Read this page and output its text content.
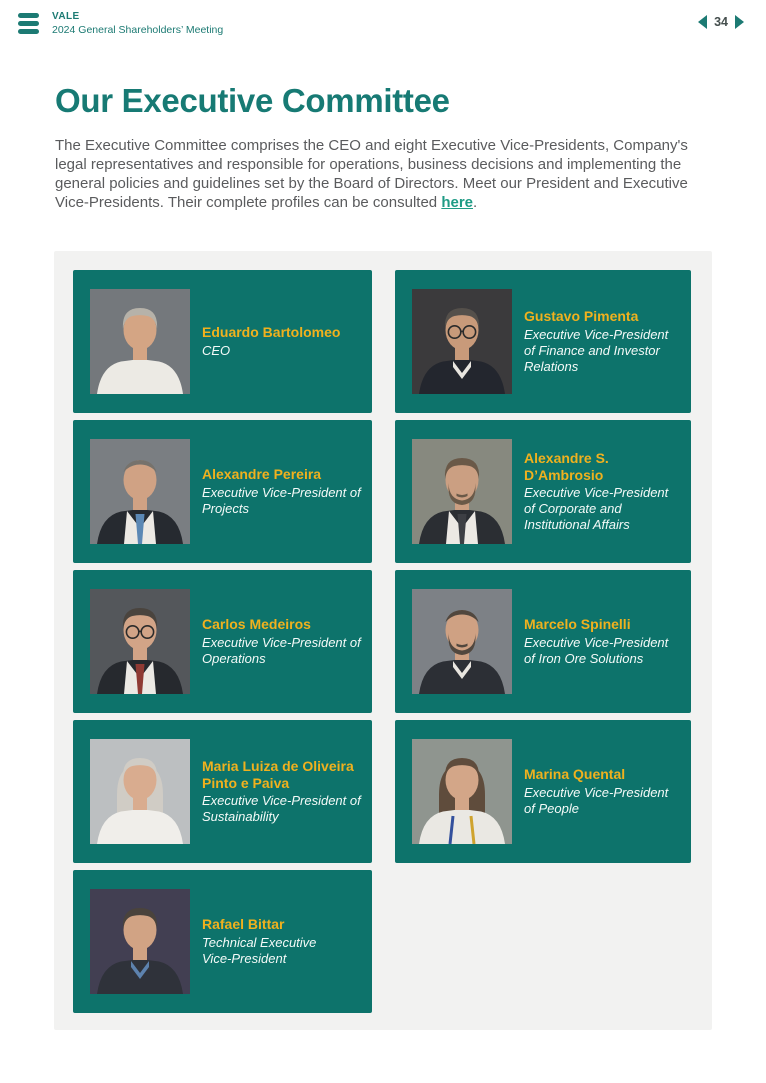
VALE
2024 General Shareholders’ Meeting
34
Our Executive Committee

The Executive Committee comprises the CEO and eight Executive Vice-Presidents, Company's legal representatives and responsible for operations, business decisions and implementing the general policies and guidelines set by the Board of Directors. Meet our President and Executive Vice-Presidents. Their complete profiles can be consulted here.

Eduardo Bartolomeo
CEO
Gustavo Pimenta
Executive Vice‑President of Finance and Investor Relations
Alexandre Pereira
Executive Vice‑President of Projects
Alexandre S. D’Ambrosio
Executive Vice‑President of Corporate and Institutional Affairs
Carlos Medeiros
Executive Vice‑President of Operations
Marcelo Spinelli
Executive Vice‑President of Iron Ore Solutions
Maria Luiza de Oliveira Pinto e Paiva
Executive Vice‑President of Sustainability
Marina Quental
Executive Vice‑President of People
Rafael Bittar
Technical Executive Vice‑President
